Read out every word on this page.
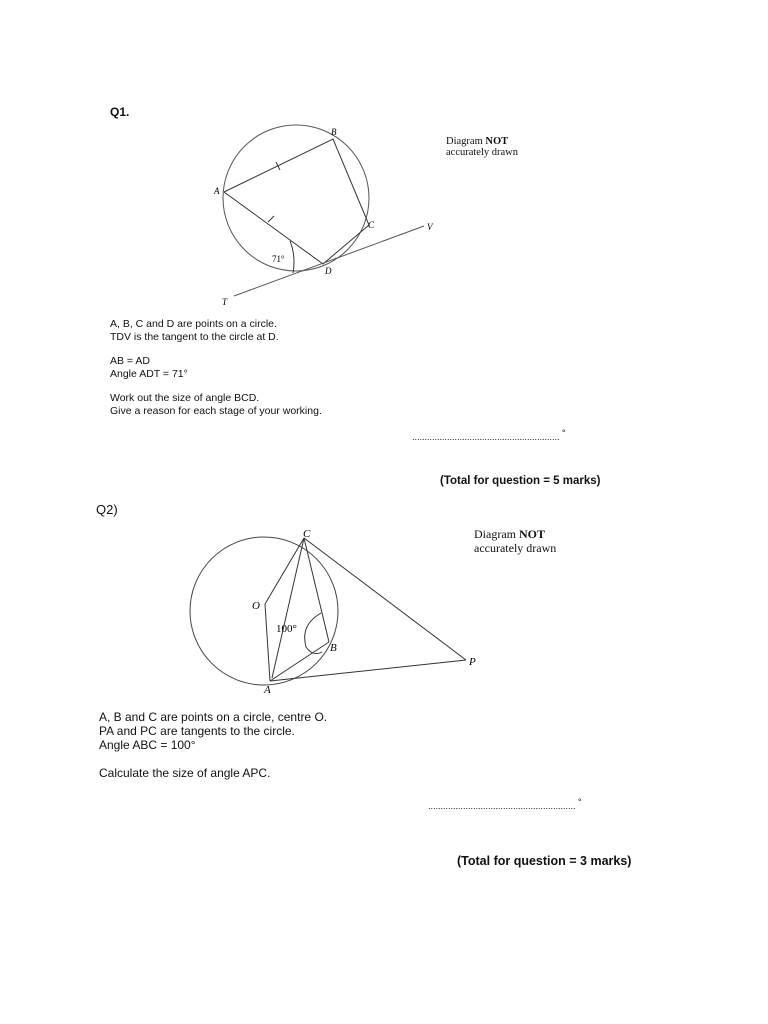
Q1.
A
B
C
D
T
V
71°
C
O
B
A
P
100°
Diagram NOT
accurately drawn
A, B, C and D are points on a circle.
TDV is the tangent to the circle at D.
AB = AD
Angle ADT = 71°
Work out the size of angle BCD.
Give a reason for each stage of your working.
........................................................... °
(Total for question = 5 marks)
Q2)
Diagram NOT
accurately drawn
A, B and C are points on a circle, centre O.
PA and PC are tangents to the circle.
Angle ABC = 100°
Calculate the size of angle APC.
........................................................... °
(Total for question = 3 marks)
